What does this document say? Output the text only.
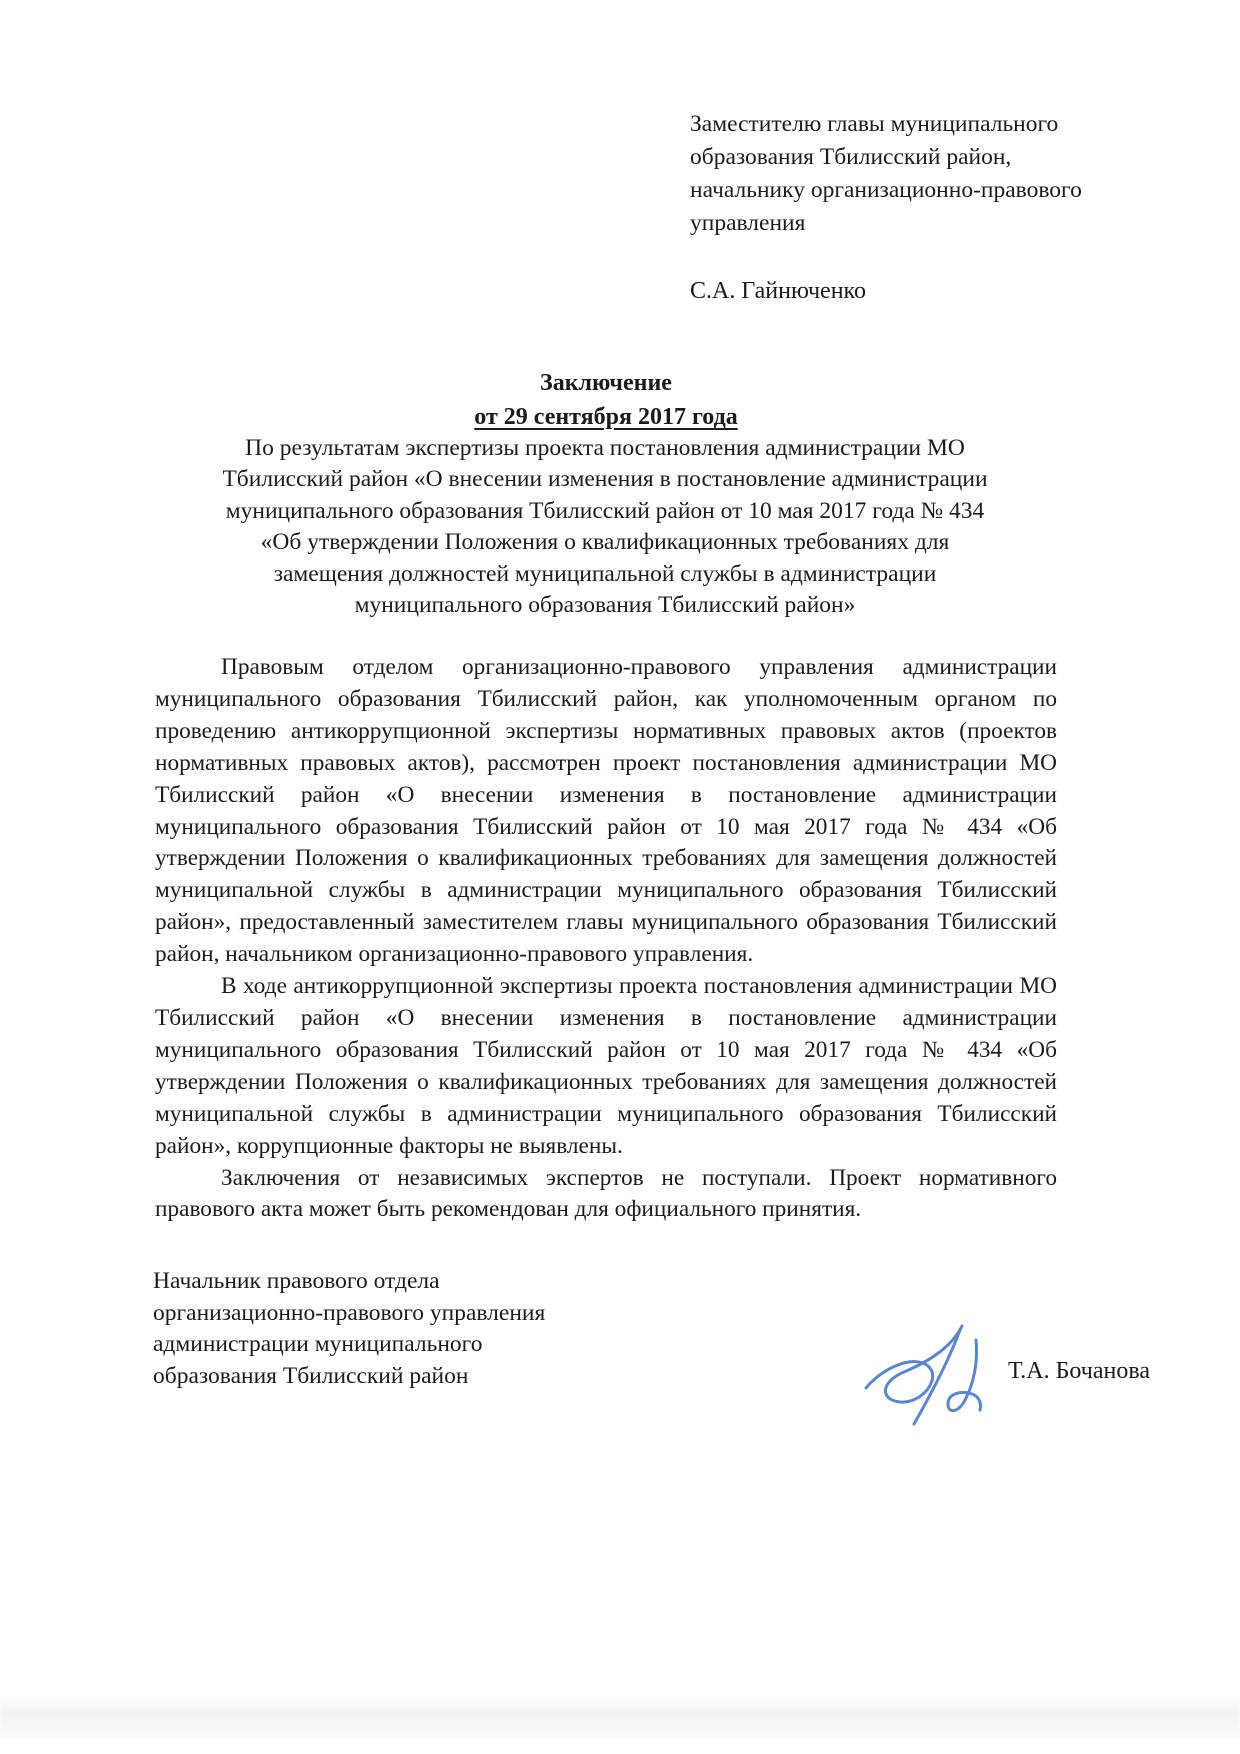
Заместителю главы муниципального
образования Тбилисский район,
начальнику организационно-правового
управления
С.А. Гайнюченко
Заключение
от 29 сентября 2017 года
По результатам экспертизы проекта постановления администрации МО
Тбилисский район «О внесении изменения в постановление администрации
муниципального образования Тбилисский район от 10 мая 2017 года № 434
«Об утверждении Положения о квалификационных требованиях для
замещения должностей муниципальной службы в администрации
муниципального образования Тбилисский район»

Правовым отделом организационно-правового управления администрации муниципального образования Тбилисский район, как уполномоченным органом по проведению антикоррупционной экспертизы нормативных правовых актов (проектов нормативных правовых актов), рассмотрен проект постановления администрации МО Тбилисский район «О внесении изменения в постановление администрации муниципального образования Тбилисский район от 10 мая 2017 года № 434 «Об утверждении Положения о квалификационных требованиях для замещения должностей муниципальной службы в администрации муниципального образования Тбилисский район», предоставленный заместителем главы муниципального образования Тбилисский район, начальником организационно-правового управления.

В ходе антикоррупционной экспертизы проекта постановления администрации МО Тбилисский район «О внесении изменения в постановление администрации муниципального образования Тбилисский район от 10 мая 2017 года № 434 «Об утверждении Положения о квалификационных требованиях для замещения должностей муниципальной службы в администрации муниципального образования Тбилисский район», коррупционные факторы не выявлены.

Заключения от независимых экспертов не поступали. Проект нормативного правового акта может быть рекомендован для официального принятия.

Начальник правового отдела
организационно-правового управления
администрации муниципального
образования Тбилисский район	Т.А. Бочанова
